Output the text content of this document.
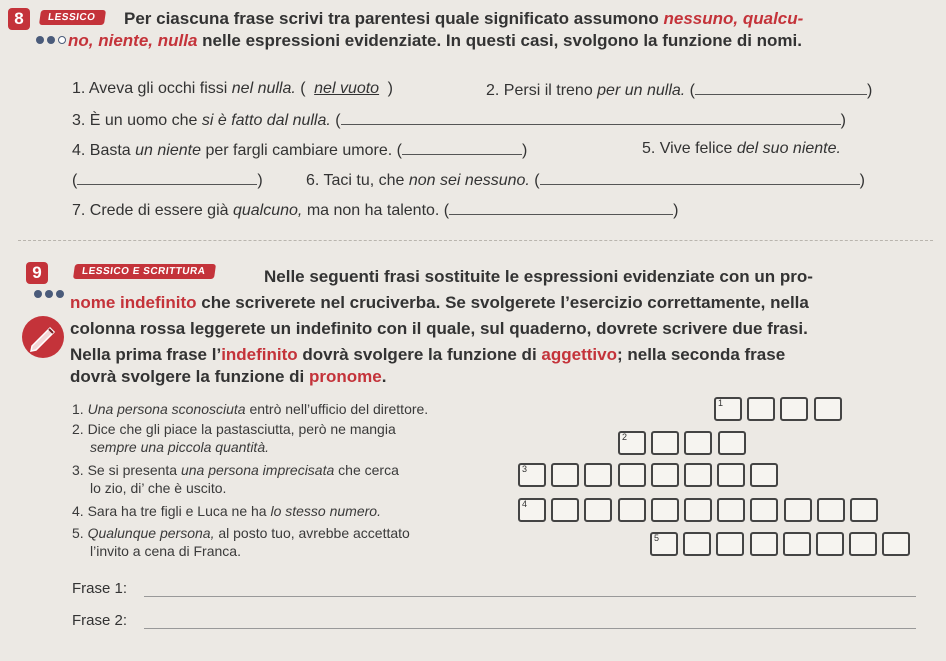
8	LESSICO	Per ciascuna frase scrivi tra parentesi quale significato assumono nessuno, qualcu-
no, niente, nulla nelle espressioni evidenziate. In questi casi, svolgono la funzione di nomi.
1. Aveva gli occhi fissi nel nulla. ( nel vuoto )	2. Persi il treno per un nulla. (	)
3. È un uomo che si è fatto dal nulla. (	)
4. Basta un niente per fargli cambiare umore. (	)	5. Vive felice del suo niente.
(	)	6. Taci tu, che non sei nessuno. (	)
7. Crede di essere già qualcuno, ma non ha talento. (	)
9	LESSICO E SCRITTURA	Nelle seguenti frasi sostituite le espressioni evidenziate con un pro-
nome indefinito che scriverete nel cruciverba. Se svolgerete l’esercizio correttamente, nella
colonna rossa leggerete un indefinito con il quale, sul quaderno, dovrete scrivere due frasi.
Nella prima frase l’indefinito dovrà svolgere la funzione di aggettivo; nella seconda frase
dovrà svolgere la funzione di pronome.
1. Una persona sconosciuta entrò nell’ufficio del direttore.
2. Dice che gli piace la pastasciutta, però ne mangia
sempre una piccola quantità.
3. Se si presenta una persona imprecisata che cerca
lo zio, di’ che è uscito.
4. Sara ha tre figli e Luca ne ha lo stesso numero.
5. Qualunque persona, al posto tuo, avrebbe accettato
l’invito a cena di Franca.
1
2
3
4
5
Frase 1:
Frase 2:
